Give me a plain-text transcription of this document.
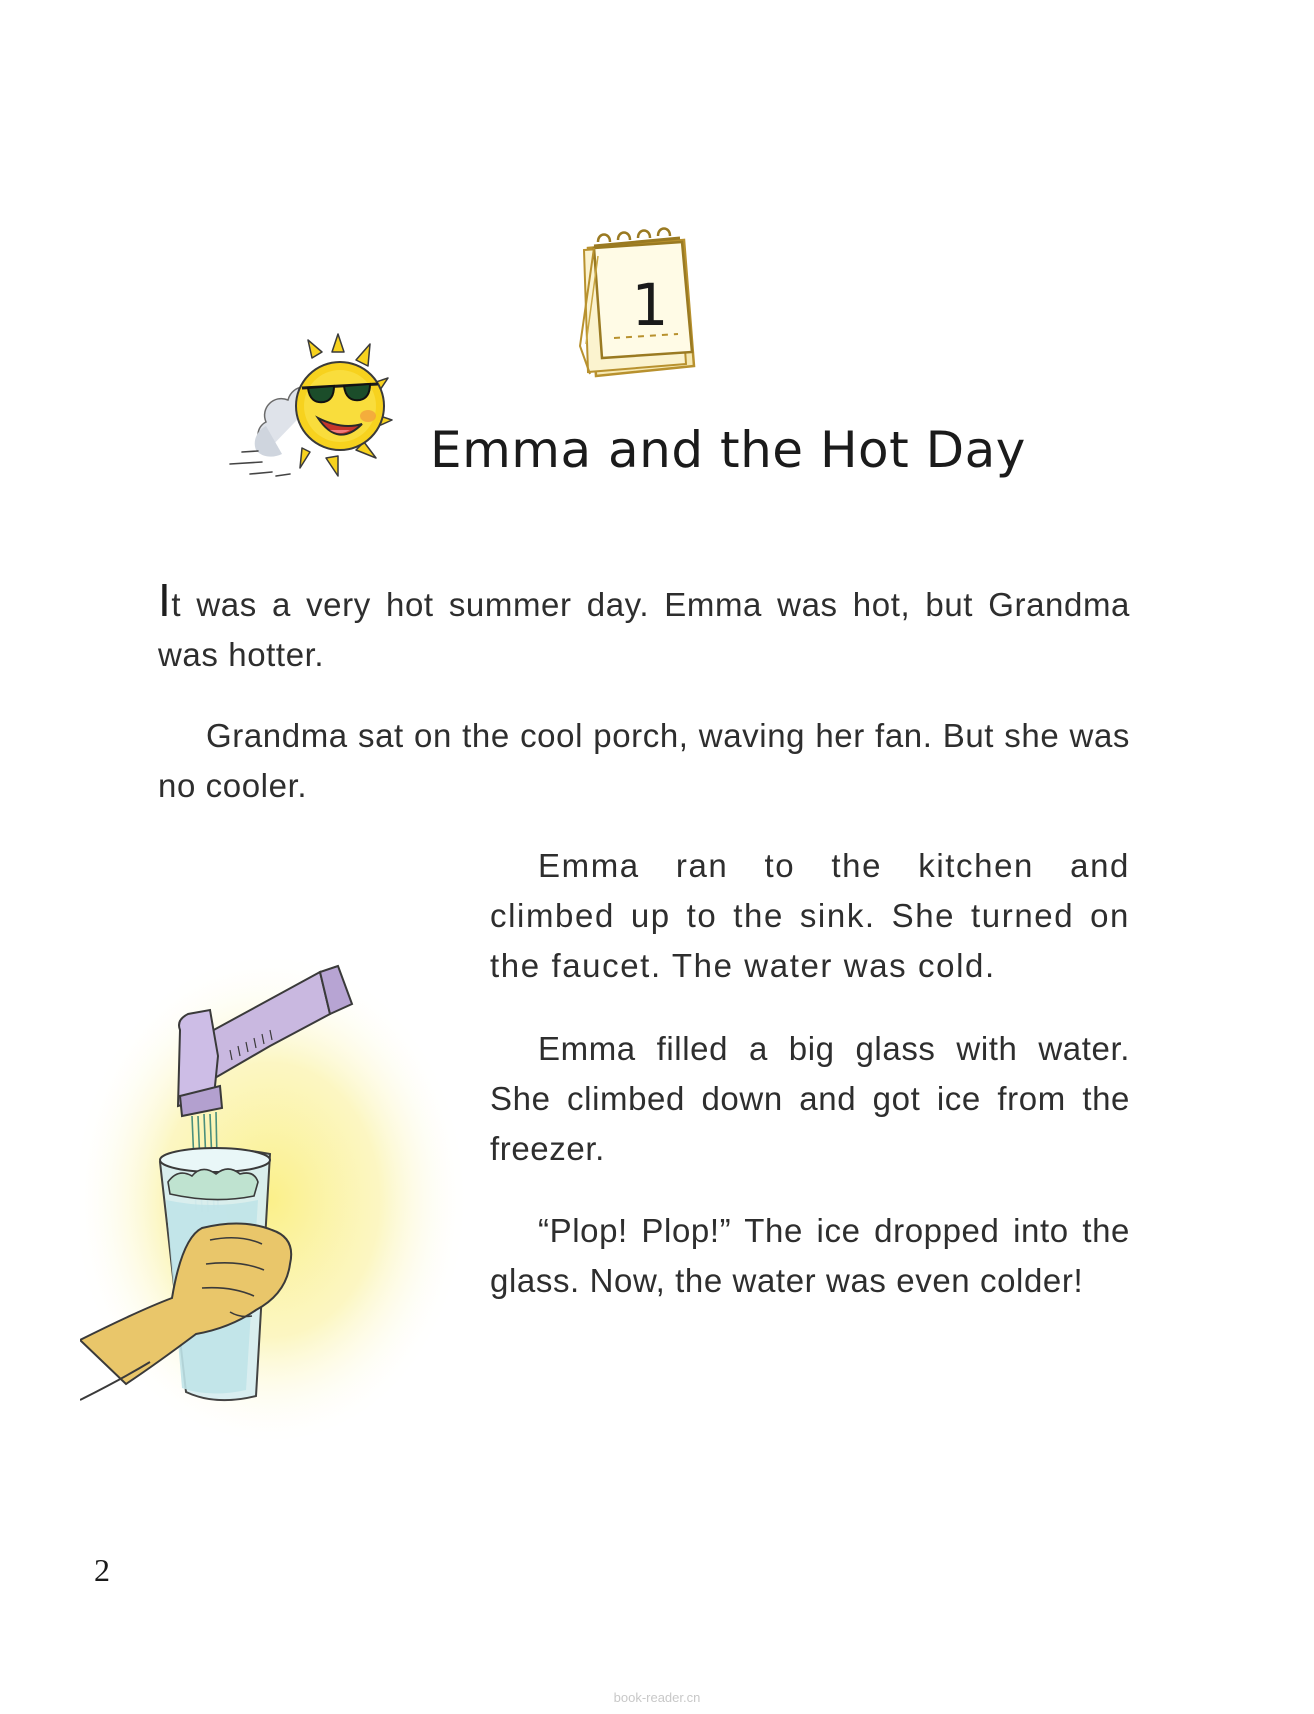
1
Emma and the Hot Day

It was a very hot summer day. Emma was hot, but Grandma was hotter.

Grandma sat on the cool porch, waving her fan. But she was no cooler.

Emma ran to the kitchen and climbed up to the sink. She turned on the faucet. The water was cold.

Emma filled a big glass with water. She climbed down and got ice from the freezer.

“Plop! Plop!” The ice dropped into the glass. Now, the water was even colder!

2
book-reader.cn
